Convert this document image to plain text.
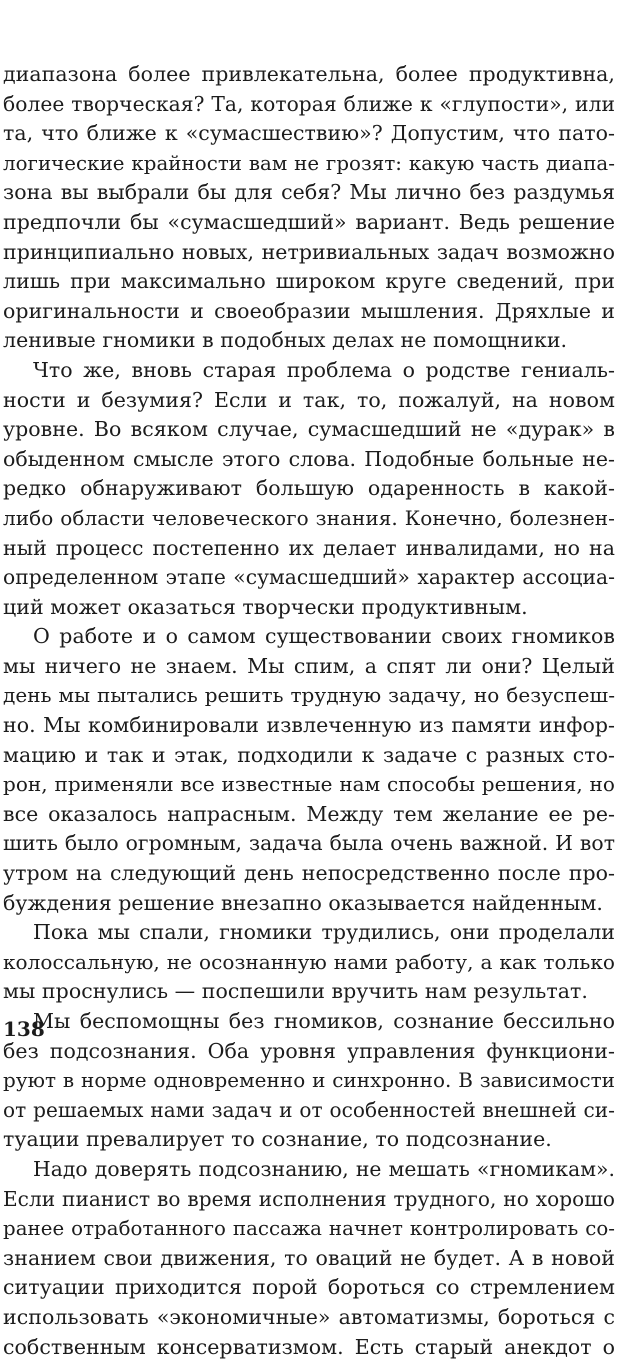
диапазона более привлекательна, более продуктивна,
более творческая? Та, которая ближе к «глупости», или
та, что ближе к «сумасшествию»? Допустим, что пато-
логические крайности вам не грозят: какую часть диапа-
зона вы выбрали бы для себя? Мы лично без раздумья
предпочли бы «сумасшедший» вариант. Ведь решение
принципиально новых, нетривиальных задач возможно
лишь при максимально широком круге сведений, при
оригинальности и своеобразии мышления. Дряхлые и
ленивые гномики в подобных делах не помощники.
Что же, вновь старая проблема о родстве гениаль-
ности и безумия? Если и так, то, пожалуй, на новом
уровне. Во всяком случае, сумасшедший не «дурак» в
обыденном смысле этого слова. Подобные больные не-
редко обнаруживают большую одаренность в какой-
либо области человеческого знания. Конечно, болезнен-
ный процесс постепенно их делает инвалидами, но на
определенном этапе «сумасшедший» характер ассоциа-
ций может оказаться творчески продуктивным.
О работе и о самом существовании своих гномиков
мы ничего не знаем. Мы спим, а спят ли они? Целый
день мы пытались решить трудную задачу, но безуспеш-
но. Мы комбинировали извлеченную из памяти инфор-
мацию и так и этак, подходили к задаче с разных сто-
рон, применяли все известные нам способы решения, но
все оказалось напрасным. Между тем желание ее ре-
шить было огромным, задача была очень важной. И вот
утром на следующий день непосредственно после про-
буждения решение внезапно оказывается найденным.
Пока мы спали, гномики трудились, они проделали
колоссальную, не осознанную нами работу, а как только
мы проснулись — поспешили вручить нам результат.
Мы беспомощны без гномиков, сознание бессильно
без подсознания. Оба уровня управления функциони-
руют в норме одновременно и синхронно. В зависимости
от решаемых нами задач и от особенностей внешней си-
туации превалирует то сознание, то подсознание.
Надо доверять подсознанию, не мешать «гномикам».
Если пианист во время исполнения трудного, но хорошо
ранее отработанного пассажа начнет контролировать со-
знанием свои движения, то оваций не будет. А в новой
ситуации приходится порой бороться со стремлением
использовать «экономичные» автоматизмы, бороться с
собственным консерватизмом. Есть старый анекдот о
138
